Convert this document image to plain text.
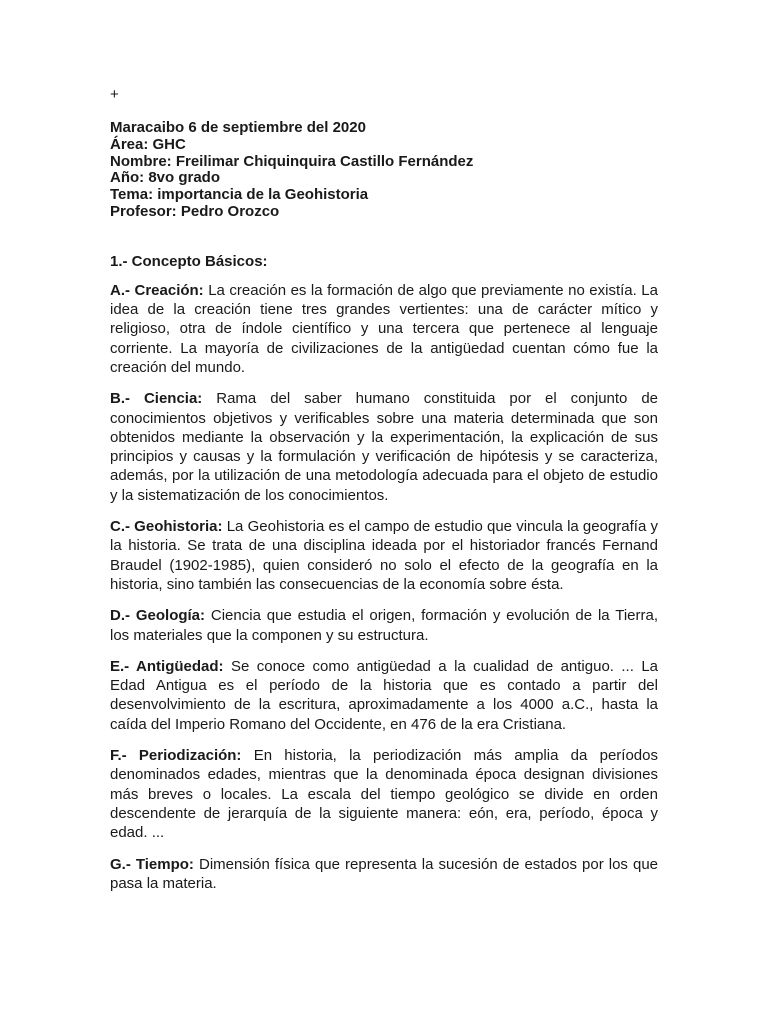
+
Maracaibo 6 de septiembre del 2020
Área: GHC
Nombre: Freilimar Chiquinquira Castillo Fernández
Año: 8vo grado
Tema: importancia de la Geohistoria
Profesor: Pedro Orozco
1.- Concepto Básicos:

A.- Creación: La creación es la formación de algo que previamente no existía. La idea de la creación tiene tres grandes vertientes: una de carácter mítico y religioso, otra de índole científico y una tercera que pertenece al lenguaje corriente. La mayoría de civilizaciones de la antigüedad cuentan cómo fue la creación del mundo.

B.- Ciencia: Rama del saber humano constituida por el conjunto de conocimientos objetivos y verificables sobre una materia determinada que son obtenidos mediante la observación y la experimentación, la explicación de sus principios y causas y la formulación y verificación de hipótesis y se caracteriza, además, por la utilización de una metodología adecuada para el objeto de estudio y la sistematización de los conocimientos.

C.- Geohistoria: La Geohistoria es el campo de estudio que vincula la geografía y la historia. Se trata de una disciplina ideada por el historiador francés Fernand Braudel (1902-1985), quien consideró no solo el efecto de la geografía en la historia, sino también las consecuencias de la economía sobre ésta.

D.- Geología: Ciencia que estudia el origen, formación y evolución de la Tierra, los materiales que la componen y su estructura.

E.- Antigüedad: Se conoce como antigüedad a la cualidad de antiguo. ... La Edad Antigua es el período de la historia que es contado a partir del desenvolvimiento de la escritura, aproximadamente a los 4000 a.C., hasta la caída del Imperio Romano del Occidente, en 476 de la era Cristiana.

F.- Periodización: En historia, la periodización más amplia da períodos denominados edades, mientras que la denominada época designan divisiones más breves o locales. La escala del tiempo geológico se divide en orden descendente de jerarquía de la siguiente manera: eón, era, período, época y edad. ...

G.- Tiempo: Dimensión física que representa la sucesión de estados por los que pasa la materia.
